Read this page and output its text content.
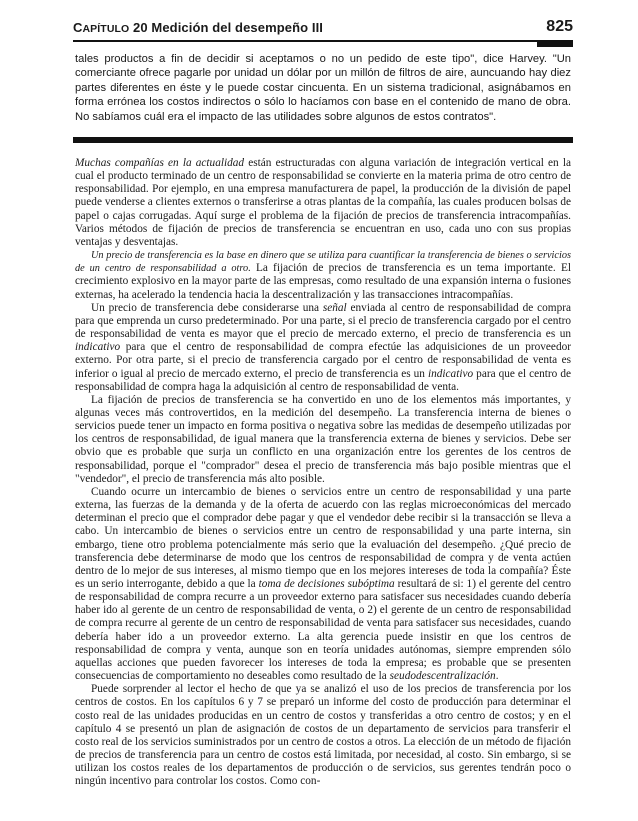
CAPÍTULO 20 Medición del desempeño III	825
tales productos a fin de decidir si aceptamos o no un pedido de este tipo", dice Harvey. "Un comerciante ofrece pagarle por unidad un dólar por un millón de filtros de aire, auncuando hay diez partes diferentes en éste y le puede costar cincuenta. En un sistema tradicional, asignábamos en forma errónea los costos indirectos o sólo lo hacíamos con base en el contenido de mano de obra. No sabíamos cuál era el impacto de las utilidades sobre algunos de estos contratos".

Muchas compañías en la actualidad están estructuradas con alguna variación de integración vertical en la cual el producto terminado de un centro de responsabilidad se convierte en la materia prima de otro centro de responsabilidad. Por ejemplo, en una empresa manufacturera de papel, la producción de la división de papel puede venderse a clientes externos o transferirse a otras plantas de la compañía, las cuales producen bolsas de papel o cajas corrugadas. Aquí surge el problema de la fijación de precios de transferencia intracompañías. Varios métodos de fijación de precios de transferencia se encuentran en uso, cada uno con sus propias ventajas y desventajas.

Un precio de transferencia es la base en dinero que se utiliza para cuantificar la transferencia de bienes o servicios de un centro de responsabilidad a otro. La fijación de precios de transferencia es un tema importante. El crecimiento explosivo en la mayor parte de las empresas, como resultado de una expansión interna o fusiones externas, ha acelerado la tendencia hacia la descentralización y las transacciones intracompañías.

Un precio de transferencia debe considerarse una señal enviada al centro de responsabilidad de compra para que emprenda un curso predeterminado. Por una parte, si el precio de transferencia cargado por el centro de responsabilidad de venta es mayor que el precio de mercado externo, el precio de transferencia es un indicativo para que el centro de responsabilidad de compra efectúe las adquisiciones de un proveedor externo. Por otra parte, si el precio de transferencia cargado por el centro de responsabilidad de venta es inferior o igual al precio de mercado externo, el precio de transferencia es un indicativo para que el centro de responsabilidad de compra haga la adquisición al centro de responsabilidad de venta.

La fijación de precios de transferencia se ha convertido en uno de los elementos más importantes, y algunas veces más controvertidos, en la medición del desempeño. La transferencia interna de bienes o servicios puede tener un impacto en forma positiva o negativa sobre las medidas de desempeño utilizadas por los centros de responsabilidad, de igual manera que la transferencia externa de bienes y servicios. Debe ser obvio que es probable que surja un conflicto en una organización entre los gerentes de los centros de responsabilidad, porque el "comprador" desea el precio de transferencia más bajo posible mientras que el "vendedor", el precio de transferencia más alto posible.

Cuando ocurre un intercambio de bienes o servicios entre un centro de responsabilidad y una parte externa, las fuerzas de la demanda y de la oferta de acuerdo con las reglas microeconómicas del mercado determinan el precio que el comprador debe pagar y que el vendedor debe recibir si la transacción se lleva a cabo. Un intercambio de bienes o servicios entre un centro de responsabilidad y una parte interna, sin embargo, tiene otro problema potencialmente más serio que la evaluación del desempeño. ¿Qué precio de transferencia debe determinarse de modo que los centros de responsabilidad de compra y de venta actúen dentro de lo mejor de sus intereses, al mismo tiempo que en los mejores intereses de toda la compañía? Éste es un serio interrogante, debido a que la toma de decisiones subóptima resultará de si: 1) el gerente del centro de responsabilidad de compra recurre a un proveedor externo para satisfacer sus necesidades cuando debería haber ido al gerente de un centro de responsabilidad de venta, o 2) el gerente de un centro de responsabilidad de compra recurre al gerente de un centro de responsabilidad de venta para satisfacer sus necesidades, cuando debería haber ido a un proveedor externo. La alta gerencia puede insistir en que los centros de responsabilidad de compra y venta, aunque son en teoría unidades autónomas, siempre emprenden sólo aquellas acciones que pueden favorecer los intereses de toda la empresa; es probable que se presenten consecuencias de comportamiento no deseables como resultado de la seudodescentralización.

Puede sorprender al lector el hecho de que ya se analizó el uso de los precios de transferencia por los centros de costos. En los capítulos 6 y 7 se preparó un informe del costo de producción para determinar el costo real de las unidades producidas en un centro de costos y transferidas a otro centro de costos; y en el capítulo 4 se presentó un plan de asignación de costos de un departamento de servicios para transferir el costo real de los servicios suministrados por un centro de costos a otros. La elección de un método de fijación de precios de transferencia para un centro de costos está limitada, por necesidad, al costo. Sin embargo, si se utilizan los costos reales de los departamentos de producción o de servicios, sus gerentes tendrán poco o ningún incentivo para controlar los costos. Como con-
